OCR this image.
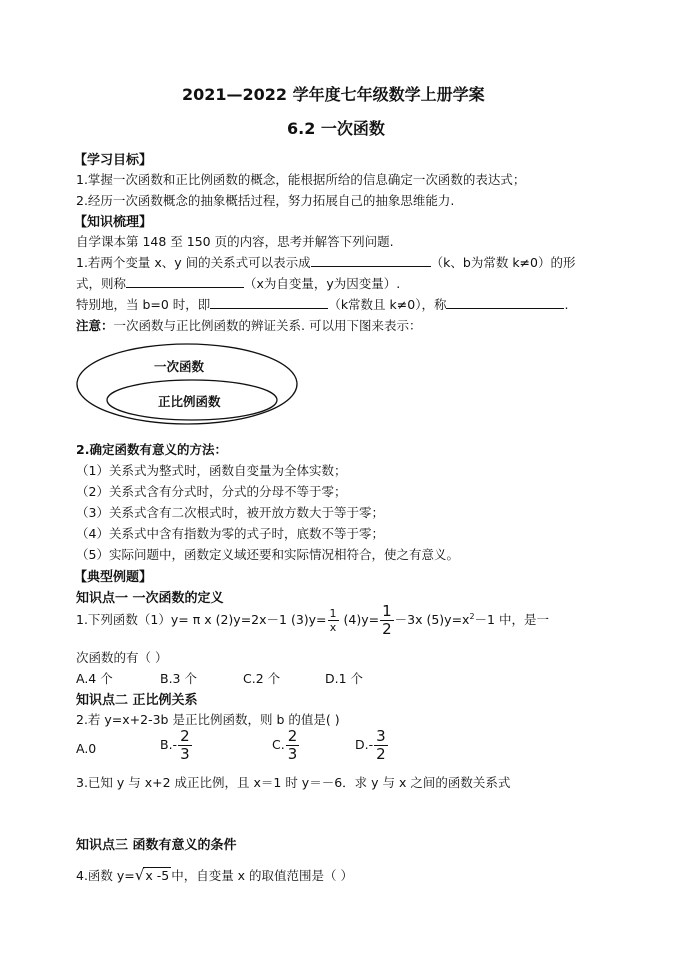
2021—2022 学年度七年级数学上册学案
6.2 一次函数
【学习目标】
1.掌握一次函数和正比例函数的概念，能根据所给的信息确定一次函数的表达式；
2.经历一次函数概念的抽象概括过程，努力拓展自己的抽象思维能力.
【知识梳理】
自学课本第 148 至 150 页的内容，思考并解答下列问题.
1.若两个变量 x、y 间的关系式可以表示成	（k、b为常数 k≠0）的形
式，则称	（x为自变量，y为因变量）.
特别地，当 b=0 时，即	（k常数且 k≠0），称	.
注意：一次函数与正比例函数的辨证关系. 可以用下图来表示：
一次函数
正比例函数
2.确定函数有意义的方法：
（1）关系式为整式时，函数自变量为全体实数；
（2）关系式含有分式时，分式的分母不等于零；
（3）关系式含有二次根式时，被开放方数大于等于零；
（4）关系式中含有指数为零的式子时，底数不等于零；
（5）实际问题中，函数定义域还要和实际情况相符合，使之有意义。
【典型例题】
知识点一 一次函数的定义
1.下列函数（1）y= π x (2)y=2x－1 $(3)y= \frac{1}{x} (4)y= \frac{1}{2} -3x$ $(5)y=x^2-1$ 中，是一
次函数的有（ ）
A.4 个	B.3 个	C.2 个	D.1 个
知识点二 正比例关系
2.若 y=x+2-3b 是正比例函数，则 b 的值是( )
A.0	$B.- \frac{2}{3}$	C. $\frac{2}{3}$	$D.- \frac{3}{2}$
3.已知 y 与 x+2 成正比例，且 x＝1 时 y＝－6．求 y 与 x 之间的函数关系式
知识点三 函数有意义的条件
4.函数 y=√x -5 中，自变量 x 的取值范围是（ ）
